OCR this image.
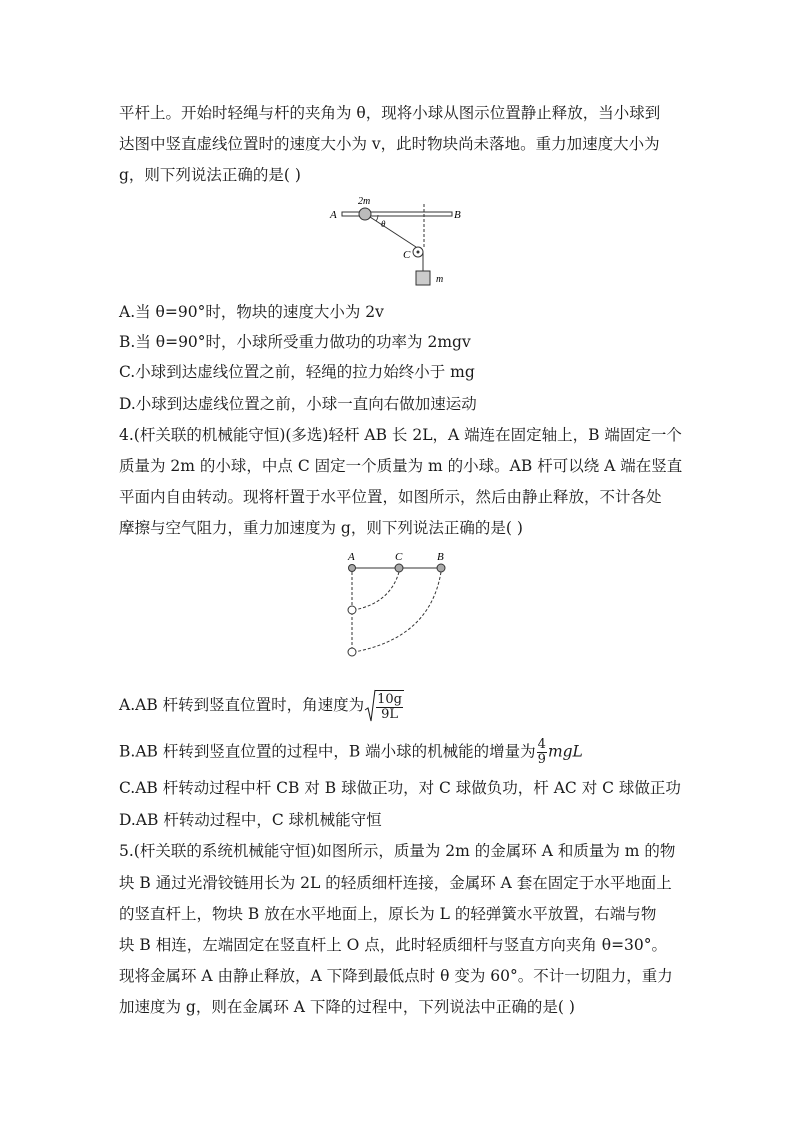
平杆上。开始时轻绳与杆的夹角为 θ，现将小球从图示位置静止释放，当小球到
达图中竖直虚线位置时的速度大小为 v，此时物块尚未落地。重力加速度大小为
g，则下列说法正确的是( )
A	B
2m
θ
C
m
A.当 θ=90°时，物块的速度大小为 2v
B.当 θ=90°时，小球所受重力做功的功率为 2mgv
C.小球到达虚线位置之前，轻绳的拉力始终小于 mg
D.小球到达虚线位置之前，小球一直向右做加速运动
4.(杆关联的机械能守恒)(多选)轻杆 AB 长 2L，A 端连在固定轴上，B 端固定一个
质量为 2m 的小球，中点 C 固定一个质量为 m 的小球。AB 杆可以绕 A 端在竖直
平面内自由转动。现将杆置于水平位置，如图所示，然后由静止释放，不计各处
摩擦与空气阻力，重力加速度为 g，则下列说法正确的是( )
A	C	B
A.AB 杆转到竖直位置时，角速度为 $\frac{10g}{9L}$
B.AB 杆转到竖直位置的过程中，B 端小球的机械能的增量为 $\frac{4}{9}$ mgL
C.AB 杆转动过程中杆 CB 对 B 球做正功，对 C 球做负功，杆 AC 对 C 球做正功
D.AB 杆转动过程中，C 球机械能守恒
5.(杆关联的系统机械能守恒)如图所示，质量为 2m 的金属环 A 和质量为 m 的物
块 B 通过光滑铰链用长为 2L 的轻质细杆连接，金属环 A 套在固定于水平地面上
的竖直杆上，物块 B 放在水平地面上，原长为 L 的轻弹簧水平放置，右端与物
块 B 相连，左端固定在竖直杆上 O 点，此时轻质细杆与竖直方向夹角 θ=30°。
现将金属环 A 由静止释放，A 下降到最低点时 θ 变为 60°。不计一切阻力，重力
加速度为 g，则在金属环 A 下降的过程中，下列说法中正确的是( )
